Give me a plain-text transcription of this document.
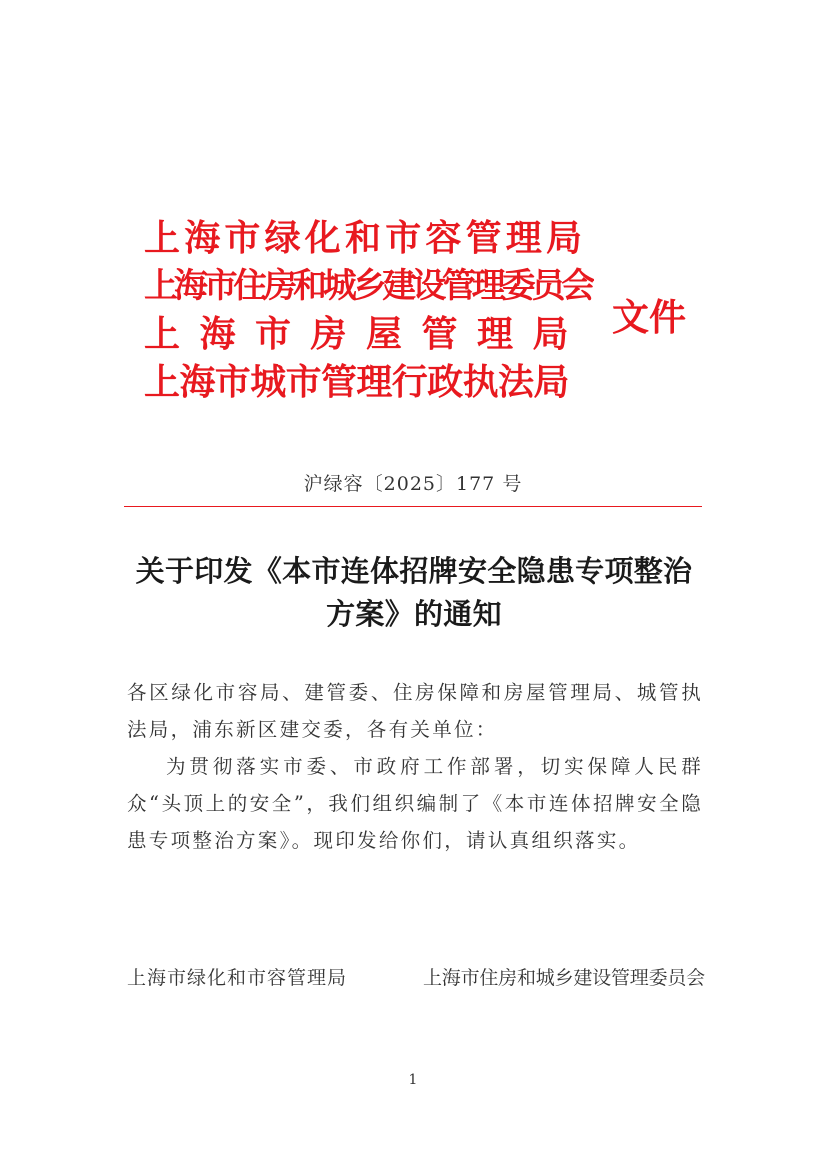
上海市绿化和市容管理局
上海市住房和城乡建设管理委员会
上海市房屋管理局
上海市城市管理行政执法局
文件
沪绿容〔2025〕177 号
关于印发《本市连体招牌安全隐患专项整治方案》的通知

各区绿化市容局、建管委、住房保障和房屋管理局、城管执法局，浦东新区建交委，各有关单位：

为贯彻落实市委、市政府工作部署，切实保障人民群众“头顶上的安全”，我们组织编制了《本市连体招牌安全隐患专项整治方案》。现印发给你们，请认真组织落实。

上海市绿化和市容管理局	上海市住房和城乡建设管理委员会
1
